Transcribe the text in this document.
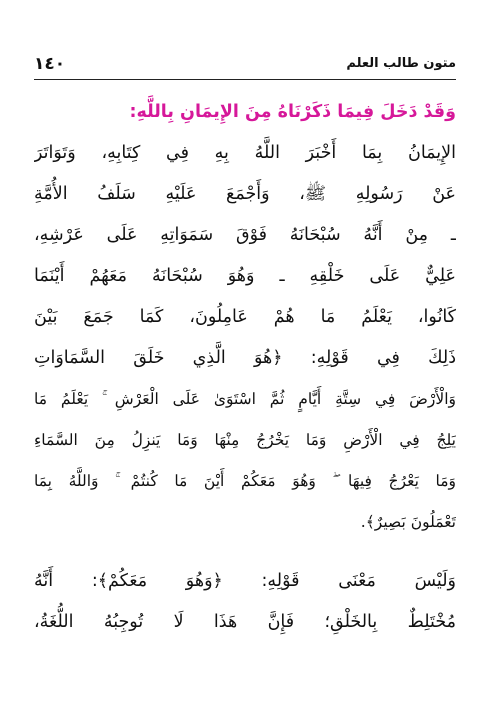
١٤٠	متون طالب العلم
وَقَدْ دَخَلَ فِيمَا ذَكَرْنَاهُ مِنَ الإِيمَانِ بِاللَّهِ:
الإِيمَانُ بِمَا أَخْبَرَ اللَّهُ بِهِ فِي كِتَابِهِ، وَتَوَاتَرَ
عَنْ رَسُولِهِ ﷺ، وَأَجْمَعَ عَلَيْهِ سَلَفُ الأُمَّةِ
ـ مِنْ أَنَّهُ سُبْحَانَهُ فَوْقَ سَمَوَاتِهِ عَلَى عَرْشِهِ،
عَلِيٌّ عَلَى خَلْقِهِ ـ وَهُوَ سُبْحَانَهُ مَعَهُمْ أَيْنَمَا
كَانُوا، يَعْلَمُ مَا هُمْ عَامِلُونَ، كَمَا جَمَعَ بَيْنَ
ذَلِكَ فِي قَوْلِهِ: ﴿هُوَ الَّذِي خَلَقَ السَّمَاوَاتِ
وَالْأَرْضَ فِي سِتَّةِ أَيَّامٍ ثُمَّ اسْتَوَىٰ عَلَى الْعَرْشِ ۚ يَعْلَمُ مَا
يَلِجُ فِي الْأَرْضِ وَمَا يَخْرُجُ مِنْهَا وَمَا يَنزِلُ مِنَ السَّمَاءِ
وَمَا يَعْرُجُ فِيهَا ۖ وَهُوَ مَعَكُمْ أَيْنَ مَا كُنتُمْ ۚ وَاللَّهُ بِمَا
تَعْمَلُونَ بَصِيرٌ﴾.
وَلَيْسَ مَعْنَى قَوْلِهِ: ﴿وَهُوَ مَعَكُمْ﴾: أَنَّهُ
مُخْتَلِطٌ بِالخَلْقِ؛ فَإِنَّ هَذَا لَا تُوجِبُهُ اللُّغَةُ،
